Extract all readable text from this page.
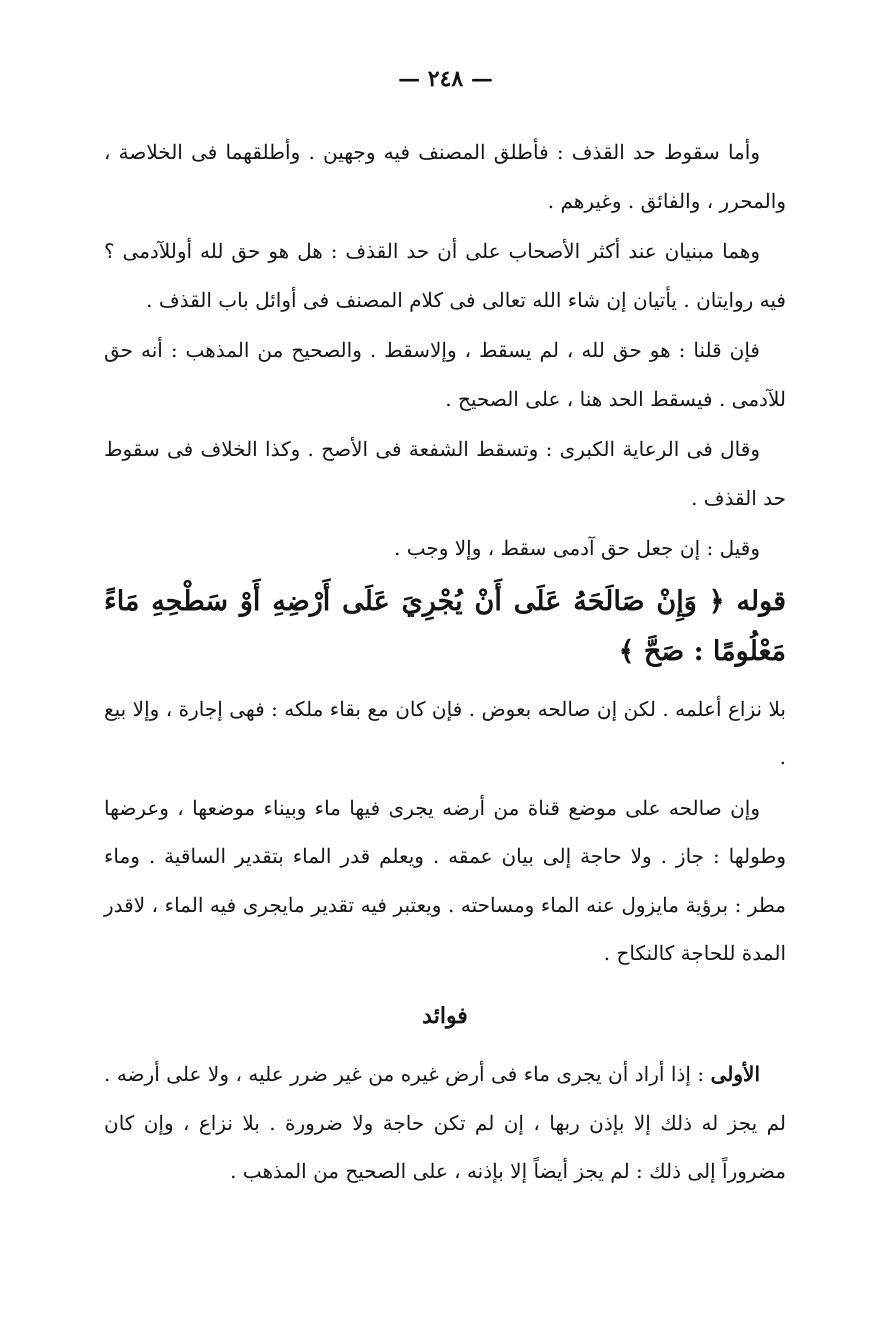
— ٢٤٨ —

وأما سقوط حد القذف : فأطلق المصنف فيه وجهين . وأطلقهما فى الخلاصة ، والمحرر ، والفائق . وغيرهم .

وهما مبنيان عند أكثر الأصحاب على أن حد القذف : هل هو حق لله أوللآدمى ؟ فيه روايتان . يأتيان إن شاء الله تعالى فى كلام المصنف فى أوائل باب القذف .

فإن قلنا : هو حق لله ، لم يسقط ، وإلاسقط . والصحيح من المذهب : أنه حق للآدمى . فيسقط الحد هنا ، على الصحيح .

وقال فى الرعاية الكبرى : وتسقط الشفعة فى الأصح . وكذا الخلاف فى سقوط حد القذف .

وقيل : إن جعل حق آدمى سقط ، وإلا وجب .

قوله ﴿ وَإِنْ صَالَحَهُ عَلَى أَنْ يُجْرِيَ عَلَى أَرْضِهِ أَوْ سَطْحِهِ مَاءً مَعْلُومًا : صَحَّ ﴾

بلا نزاع أعلمه . لكن إن صالحه بعوض . فإن كان مع بقاء ملكه : فهى إجارة ، وإلا بيع .

وإن صالحه على موضع قناة من أرضه يجرى فيها ماء وبيناء موضعها ، وعرضها وطولها : جاز . ولا حاجة إلى بيان عمقه . ويعلم قدر الماء بتقدير الساقية . وماء مطر : برؤية مايزول عنه الماء ومساحته . ويعتبر فيه تقدير مايجرى فيه الماء ، لاقدر المدة للحاجة كالنكاح .

فوائد

الأولى : إذا أراد أن يجرى ماء فى أرض غيره من غير ضرر عليه ، ولا على أرضه . لم يجز له ذلك إلا بإذن ربها ، إن لم تكن حاجة ولا ضرورة . بلا نزاع ، وإن كان مضروراً إلى ذلك : لم يجز أيضاً إلا بإذنه ، على الصحيح من المذهب .
